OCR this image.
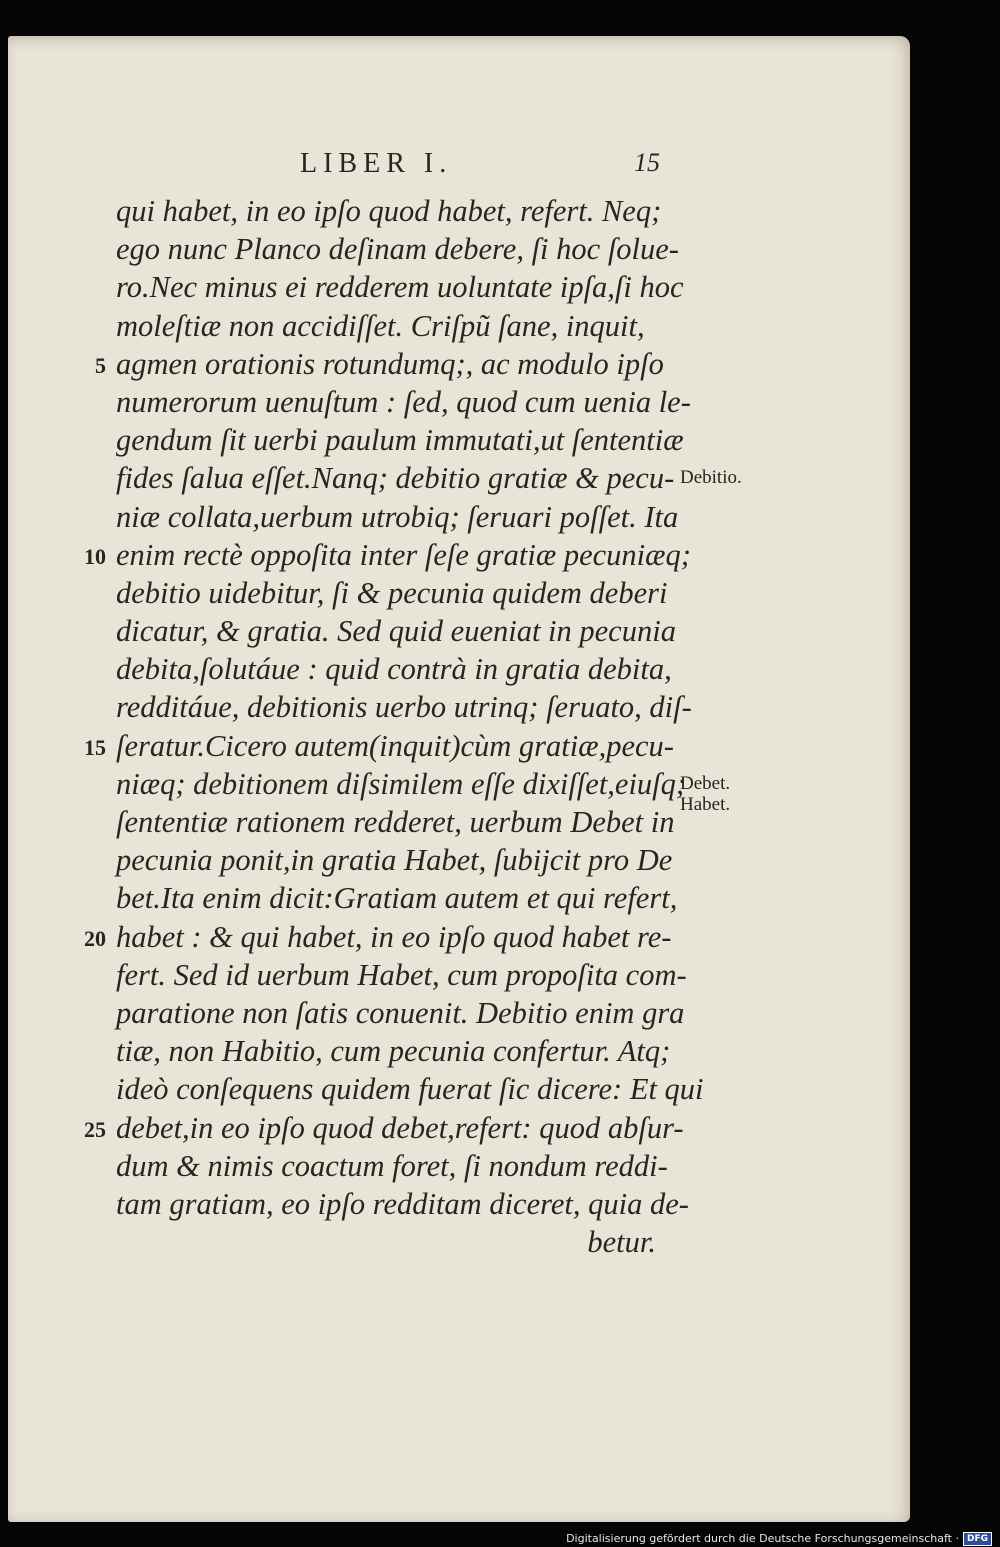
LIBER I.	15
qui habet, in eo ipſo quod habet, refert. Neq;
ego nunc Planco deſinam debere, ſi hoc ſolue-
ro.Nec minus ei redderem uoluntate ipſa,ſi hoc
moleſtiæ non accidiſſet. Criſpũ ſane, inquit,
agmen orationis rotundumq;, ac modulo ipſo
numerorum uenuſtum : ſed, quod cum uenia le-
gendum ſit uerbi paulum immutati,ut ſententiæ
fides ſalua eſſet.Nanq; debitio gratiæ & pecu-
niæ collata,uerbum utrobiq; ſeruari poſſet. Ita
enim rectè oppoſita inter ſeſe gratiæ pecuniæq;
debitio uidebitur, ſi & pecunia quidem deberi
dicatur, & gratia. Sed quid eueniat in pecunia
debita,ſolutáue : quid contrà in gratia debita,
redditáue, debitionis uerbo utrinq; ſeruato, diſ-
ſeratur.Cicero autem(inquit)cùm gratiæ,pecu-
niæq; debitionem diſsimilem eſſe dixiſſet,eiuſq;
ſententiæ rationem redderet, uerbum Debet in
pecunia ponit,in gratia Habet, ſubijcit pro De
bet.Ita enim dicit:Gratiam autem et qui refert,
habet : & qui habet, in eo ipſo quod habet re-
fert. Sed id uerbum Habet, cum propoſita com-
paratione non ſatis conuenit. Debitio enim gra
tiæ, non Habitio, cum pecunia confertur. Atq;
ideò conſequens quidem fuerat ſic dicere: Et qui
debet,in eo ipſo quod debet,refert: quod abſur-
dum & nimis coactum foret, ſi nondum reddi-
tam gratiam, eo ipſo redditam diceret, quia de-
betur.
5
10
15
20
25
Debitio.
Debet.
Habet.
Digitalisierung gefördert durch die Deutsche Forschungsgemeinschaft · DFG
